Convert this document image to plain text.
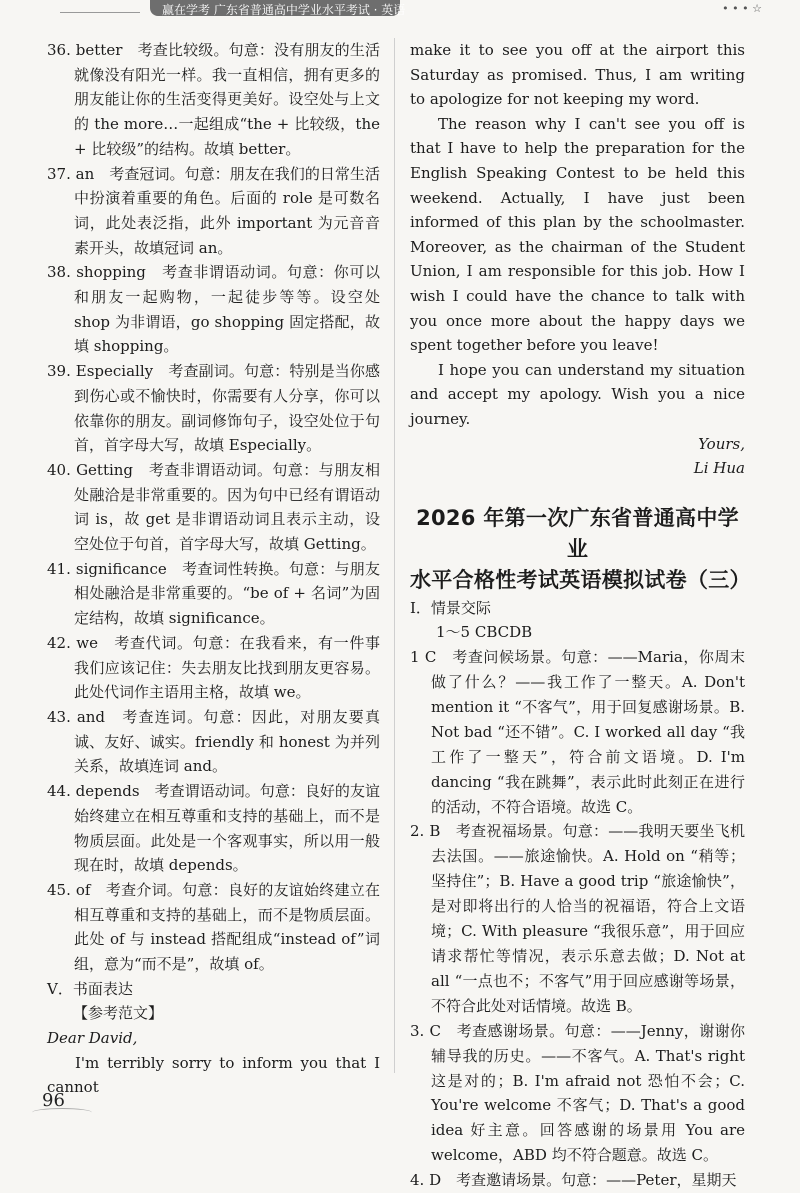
赢在学考 广东省普通高中学业水平考试 · 英语	• • • ☆
36. better　考查比较级。句意：没有朋友的生活就像没有阳光一样。我一直相信，拥有更多的朋友能让你的生活变得更美好。设空处与上文的 the more…一起组成“the + 比较级，the + 比较级”的结构。故填 better。
37. an　考查冠词。句意：朋友在我们的日常生活中扮演着重要的角色。后面的 role 是可数名词，此处表泛指，此外 important 为元音音素开头，故填冠词 an。
38. shopping　考查非谓语动词。句意：你可以和朋友一起购物，一起徒步等等。设空处 shop 为非谓语，go shopping 固定搭配，故填 shopping。
39. Especially　考查副词。句意：特别是当你感到伤心或不愉快时，你需要有人分享，你可以依靠你的朋友。副词修饰句子，设空处位于句首，首字母大写，故填 Especially。
40. Getting　考查非谓语动词。句意：与朋友相处融洽是非常重要的。因为句中已经有谓语动词 is，故 get 是非谓语动词且表示主动，设空处位于句首，首字母大写，故填 Getting。
41. significance　考查词性转换。句意：与朋友相处融洽是非常重要的。“be of + 名词”为固定结构，故填 significance。
42. we　考查代词。句意：在我看来，有一件事我们应该记住：失去朋友比找到朋友更容易。此处代词作主语用主格，故填 we。
43. and　考查连词。句意：因此，对朋友要真诚、友好、诚实。friendly 和 honest 为并列关系，故填连词 and。
44. depends　考查谓语动词。句意：良好的友谊始终建立在相互尊重和支持的基础上，而不是物质层面。此处是一个客观事实，所以用一般现在时，故填 depends。
45. of　考查介词。句意：良好的友谊始终建立在相互尊重和支持的基础上，而不是物质层面。此处 of 与 instead 搭配组成“instead of”词组，意为“而不是”，故填 of。
Ⅴ．书面表达
【参考范文】
Dear David,

I'm terribly sorry to inform you that I cannot

make it to see you off at the airport this Saturday as promised. Thus, I am writing to apologize for not keeping my word.

The reason why I can't see you off is that I have to help the preparation for the English Speaking Contest to be held this weekend. Actually, I have just been informed of this plan by the schoolmaster. Moreover, as the chairman of the Student Union, I am responsible for this job. How I wish I could have the chance to talk with you once more about the happy days we spent together before you leave!

I hope you can understand my situation and accept my apology. Wish you a nice journey.

Yours,
Li Hua
2026 年第一次广东省普通高中学业
水平合格性考试英语模拟试卷（三）
Ⅰ．情景交际
1～5 CBCDB
1 C　考查问候场景。句意：——Maria，你周末做了什么？——我工作了一整天。A. Don't mention it “不客气”，用于回复感谢场景。B. Not bad “还不错”。C. I worked all day “我工作了一整天”，符合前文语境。D. I'm dancing “我在跳舞”，表示此时此刻正在进行的活动，不符合语境。故选 C。
2. B　考查祝福场景。句意：——我明天要坐飞机去法国。——旅途愉快。A. Hold on “稍等；坚持住”；B. Have a good trip “旅途愉快”，是对即将出行的人恰当的祝福语，符合上文语境；C. With pleasure “我很乐意”，用于回应请求帮忙等情况，表示乐意去做；D. Not at all “一点也不；不客气”用于回应感谢等场景，不符合此处对话情境。故选 B。
3. C　考查感谢场景。句意：——Jenny，谢谢你辅导我的历史。——不客气。A. That's right 这是对的；B. I'm afraid not 恐怕不会；C. You're welcome 不客气；D. That's a good idea 好主意。回答感谢的场景用 You are welcome，ABD 均不符合题意。故选 C。
4. D　考查邀请场景。句意：——Peter，星期天
96
